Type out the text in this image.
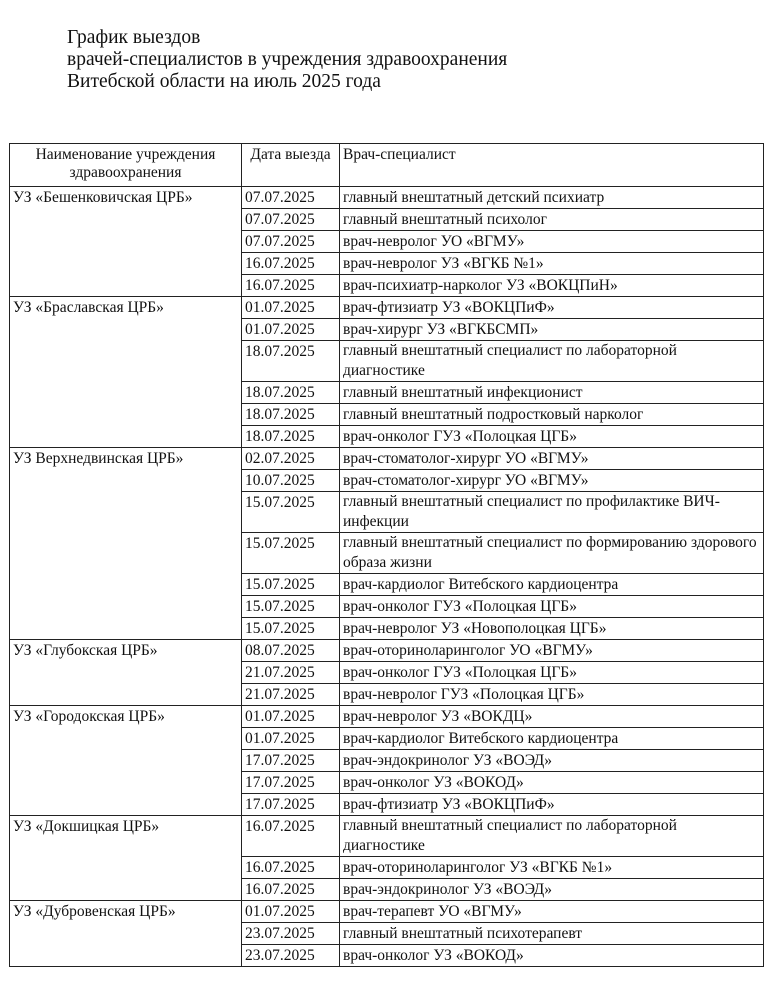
График выездов
врачей-специалистов в учреждения здравоохранения
Витебской области на июль 2025 года
Наименование учреждения здравоохранения	Дата выезда	Врач-специалист
УЗ «Бешенковичская ЦРБ»	07.07.2025	главный внештатный детский психиатр
	07.07.2025	главный внештатный психолог
	07.07.2025	врач-невролог УО «ВГМУ»
	16.07.2025	врач-невролог УЗ «ВГКБ №1»
	16.07.2025	врач-психиатр-нарколог УЗ «ВОКЦПиН»
УЗ «Браславская ЦРБ»	01.07.2025	врач-фтизиатр УЗ «ВОКЦПиФ»
	01.07.2025	врач-хирург УЗ «ВГКБСМП»
	18.07.2025	главный внештатный специалист по лабораторной диагностике
	18.07.2025	главный внештатный инфекционист
	18.07.2025	главный внештатный подростковый нарколог
	18.07.2025	врач-онколог ГУЗ «Полоцкая ЦГБ»
УЗ Верхнедвинская ЦРБ»	02.07.2025	врач-стоматолог-хирург УО «ВГМУ»
	10.07.2025	врач-стоматолог-хирург УО «ВГМУ»
	15.07.2025	главный внештатный специалист по профилактике ВИЧ-инфекции
	15.07.2025	главный внештатный специалист по формированию здорового образа жизни
	15.07.2025	врач-кардиолог Витебского кардиоцентра
	15.07.2025	врач-онколог ГУЗ «Полоцкая ЦГБ»
	15.07.2025	врач-невролог УЗ «Новополоцкая ЦГБ»
УЗ «Глубокская ЦРБ»	08.07.2025	врач-оториноларинголог УО «ВГМУ»
	21.07.2025	врач-онколог ГУЗ «Полоцкая ЦГБ»
	21.07.2025	врач-невролог ГУЗ «Полоцкая ЦГБ»
УЗ «Городокская ЦРБ»	01.07.2025	врач-невролог УЗ «ВОКДЦ»
	01.07.2025	врач-кардиолог Витебского кардиоцентра
	17.07.2025	врач-эндокринолог УЗ «ВОЭД»
	17.07.2025	врач-онколог УЗ «ВОКОД»
	17.07.2025	врач-фтизиатр УЗ «ВОКЦПиФ»
УЗ «Докшицкая ЦРБ»	16.07.2025	главный внештатный специалист по лабораторной диагностике
	16.07.2025	врач-оториноларинголог УЗ «ВГКБ №1»
	16.07.2025	врач-эндокринолог УЗ «ВОЭД»
УЗ «Дубровенская ЦРБ»	01.07.2025	врач-терапевт УО «ВГМУ»
	23.07.2025	главный внештатный психотерапевт
	23.07.2025	врач-онколог УЗ «ВОКОД»
